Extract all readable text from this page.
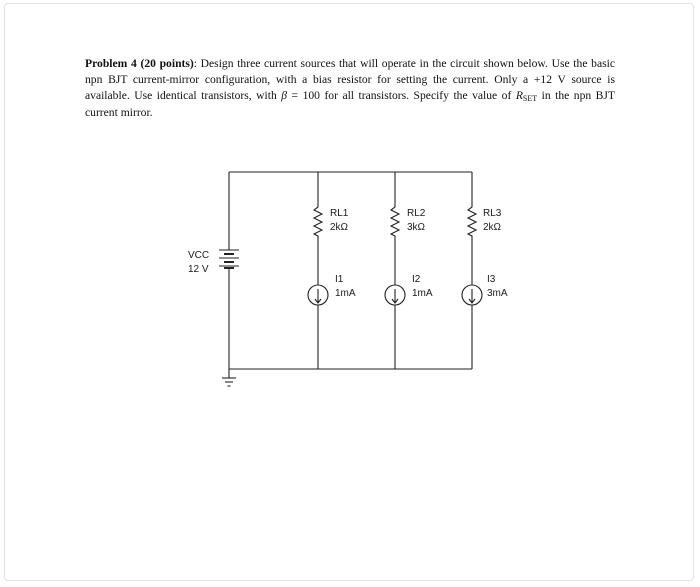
Problem 4 (20 points): Design three current sources that will operate in the circuit shown below. Use the basic npn BJT current-mirror configuration, with a bias resistor for setting the current. Only a +12 V source is available. Use identical transistors, with β = 100 for all transistors. Specify the value of $R_{SET}$ in the npn BJT current mirror.
VCC
12 V
RL1
2kΩ
RL2
3kΩ
RL3
2kΩ
I1
1mA
I2
1mA
I3
3mA
